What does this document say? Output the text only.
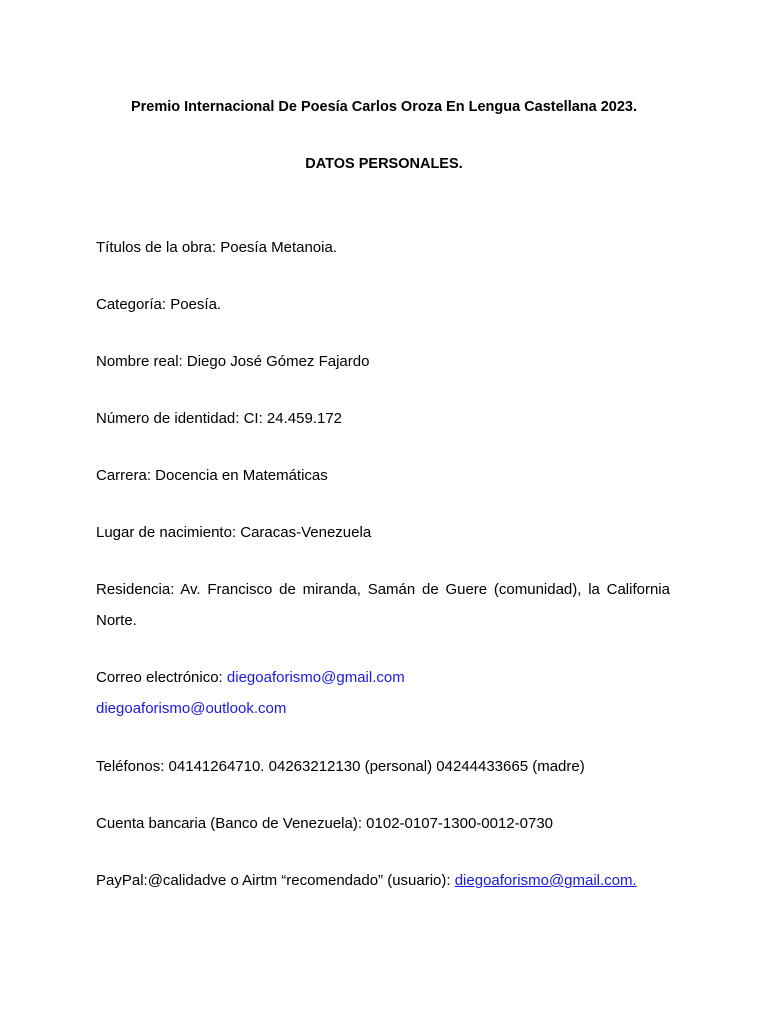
Premio Internacional De Poesía Carlos Oroza En Lengua Castellana 2023.
DATOS PERSONALES.
Títulos de la obra: Poesía Metanoia.
Categoría: Poesía.
Nombre real: Diego José Gómez Fajardo
Número de identidad: CI: 24.459.172
Carrera: Docencia en Matemáticas
Lugar de nacimiento: Caracas-Venezuela
Residencia: Av. Francisco de miranda, Samán de Guere (comunidad), la California
Norte.
Correo electrónico: diegoaforismo@gmail.com
diegoaforismo@outlook.com
Teléfonos: 04141264710. 04263212130 (personal) 04244433665 (madre)
Cuenta bancaria (Banco de Venezuela): 0102-0107-1300-0012-0730
PayPal:@calidadve o Airtm “recomendado” (usuario): diegoaforismo@gmail.com.
